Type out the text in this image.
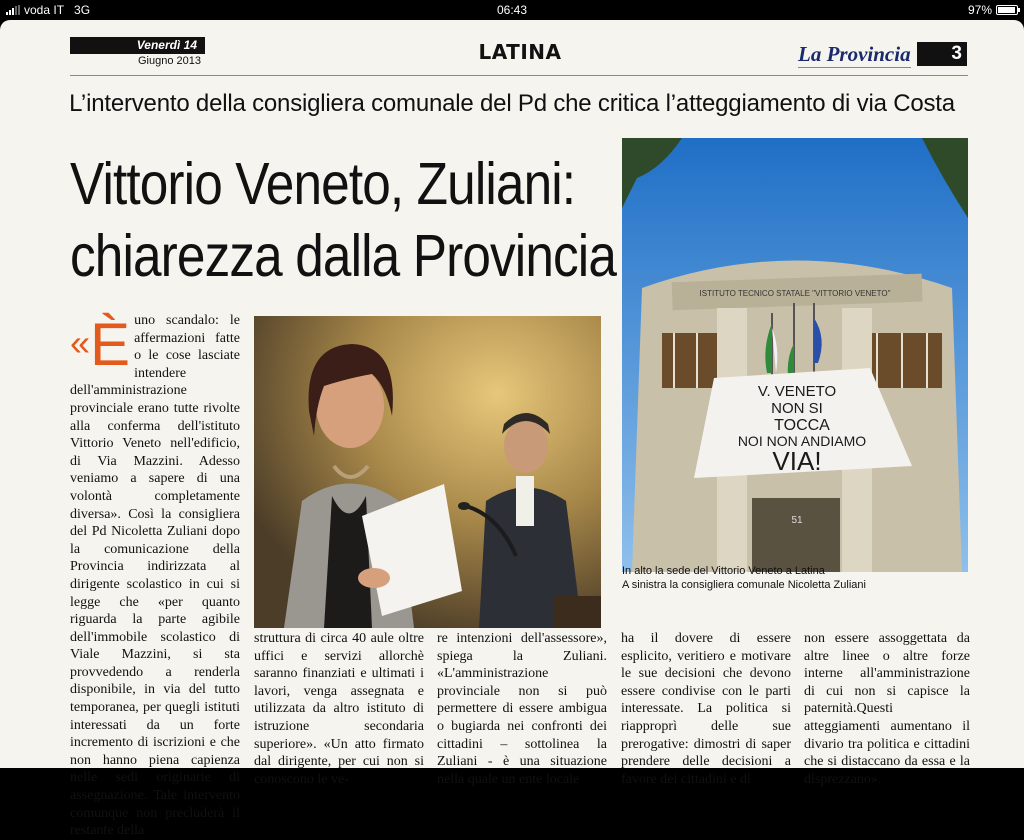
voda IT 3G	06:43	97%
Venerdì 14
Giugno 2013	LATINA	La Provincia	3
L’intervento della consigliera comunale del Pd che critica l’atteggiamento di via Costa
Vittorio Veneto, Zuliani:
chiarezza dalla Provincia
«È uno scandalo: le affermazioni fatte o le cose lasciate intendere dell'amministrazione provinciale erano tutte rivolte alla conferma dell'istituto Vittorio Veneto nell'edificio, di Via Mazzini. Adesso veniamo a sapere di una volontà completamente diversa». Così la consigliera del Pd Nicoletta Zuliani dopo la comunicazione della Provincia indirizzata al dirigente scolastico in cui si legge che «per quanto riguarda la parte agibile dell'immobile scolastico di Viale Mazzini, si sta provvedendo a renderla disponibile, in via del tutto temporanea, per quegli istituti interessati da un forte incremento di iscrizioni e che non hanno piena capienza nelle sedi originarie di assegnazione. Tale intervento comunque non precluderà il restante della

ISTITUTO TECNICO STATALE "VITTORIO VENETO"
V. VENETO
NON SI
TOCCA
NOI NON ANDIAMO
VIA!
51
In alto la sede del Vittorio Veneto a Latina
A sinistra la consigliera comunale Nicoletta Zuliani

struttura di circa 40 aule oltre uffici e servizi allorchè saranno finanziati e ultimati i lavori, venga assegnata e utilizzata da altro istituto di istruzione secondaria superiore». «Un atto firmato dal dirigente, per cui non si conoscono le ve-

re intenzioni dell'assessore», spiega la Zuliani. «L'amministrazione provinciale non si può permettere di essere ambigua o bugiarda nei confronti dei cittadini – sottolinea la Zuliani - è una situazione nella quale un ente locale

ha il dovere di essere esplicito, veritiero e motivare le sue decisioni che devono essere condivise con le parti interessate. La politica si riapproprì delle sue prerogative: dimostri di saper prendere delle decisioni a favore dei cittadini e di

non essere assoggettata da altre linee o altre forze interne all'amministrazione di cui non si capisce la paternità.Questi atteggiamenti aumentano il divario tra politica e cittadini che si distaccano da essa e la disprezzano».
